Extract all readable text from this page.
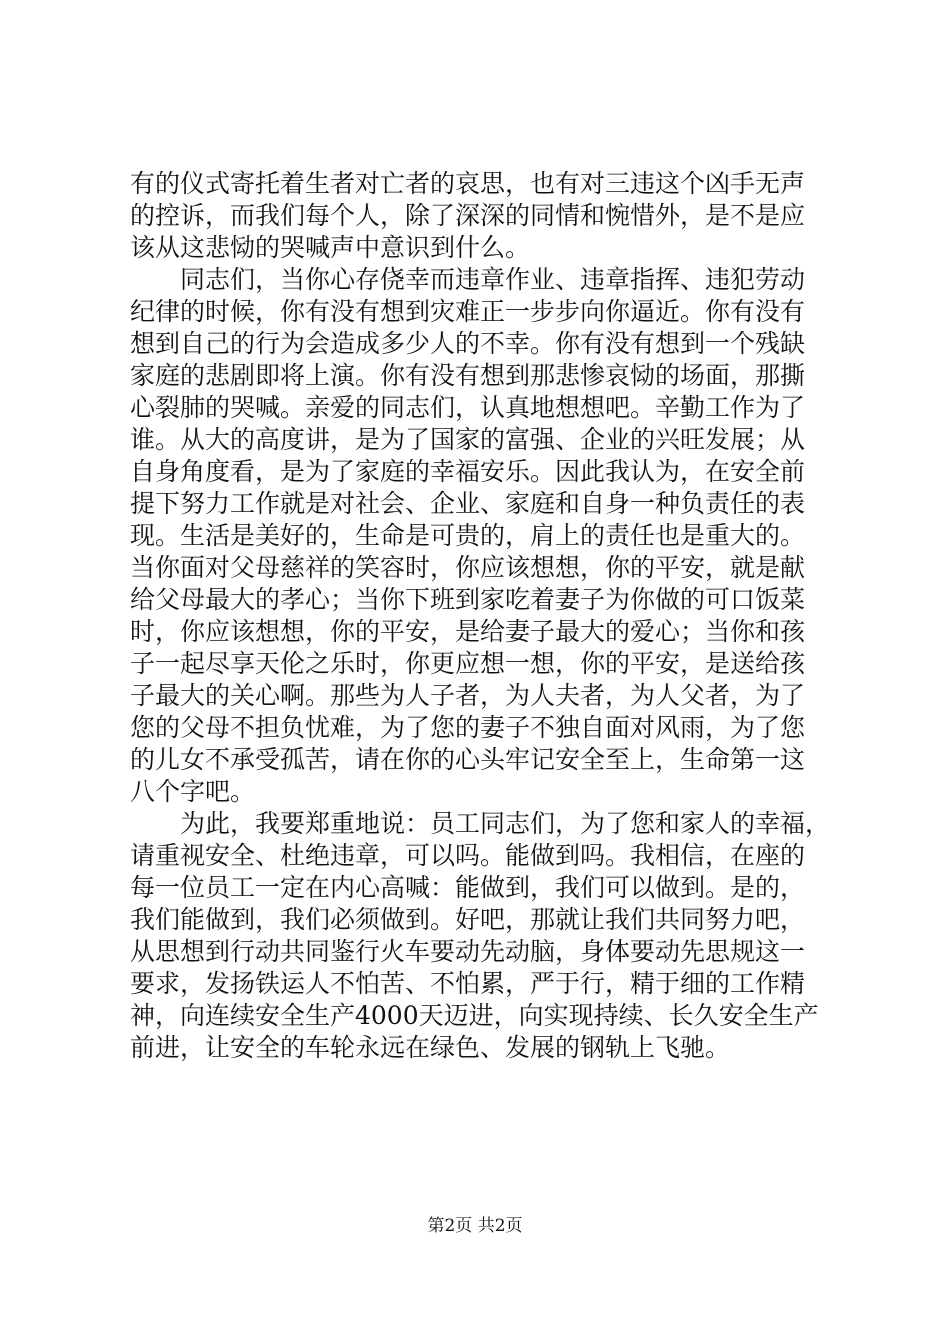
有的仪式寄托着生者对亡者的哀思，也有对三违这个凶手无声
的控诉，而我们每个人，除了深深的同情和惋惜外，是不是应
该从这悲恸的哭喊声中意识到什么。
同志们，当你心存侥幸而违章作业、违章指挥、违犯劳动
纪律的时候，你有没有想到灾难正一步步向你逼近。你有没有
想到自己的行为会造成多少人的不幸。你有没有想到一个残缺
家庭的悲剧即将上演。你有没有想到那悲惨哀恸的场面，那撕
心裂肺的哭喊。亲爱的同志们，认真地想想吧。辛勤工作为了
谁。从大的高度讲，是为了国家的富强、企业的兴旺发展；从
自身角度看，是为了家庭的幸福安乐。因此我认为，在安全前
提下努力工作就是对社会、企业、家庭和自身一种负责任的表
现。生活是美好的，生命是可贵的，肩上的责任也是重大的。
当你面对父母慈祥的笑容时，你应该想想，你的平安，就是献
给父母最大的孝心；当你下班到家吃着妻子为你做的可口饭菜
时，你应该想想，你的平安，是给妻子最大的爱心；当你和孩
子一起尽享天伦之乐时，你更应想一想，你的平安，是送给孩
子最大的关心啊。那些为人子者，为人夫者，为人父者，为了
您的父母不担负忧难，为了您的妻子不独自面对风雨，为了您
的儿女不承受孤苦，请在你的心头牢记安全至上，生命第一这
八个字吧。
为此，我要郑重地说：员工同志们，为了您和家人的幸福，
请重视安全、杜绝违章，可以吗。能做到吗。我相信，在座的
每一位员工一定在内心高喊：能做到，我们可以做到。是的，
我们能做到，我们必须做到。好吧，那就让我们共同努力吧，
从思想到行动共同鉴行火车要动先动脑，身体要动先思规这一
要求，发扬铁运人不怕苦、不怕累，严于行，精于细的工作精
神，向连续安全生产4000天迈进，向实现持续、长久安全生产
前进，让安全的车轮永远在绿色、发展的钢轨上飞驰。
第2页 共2页
